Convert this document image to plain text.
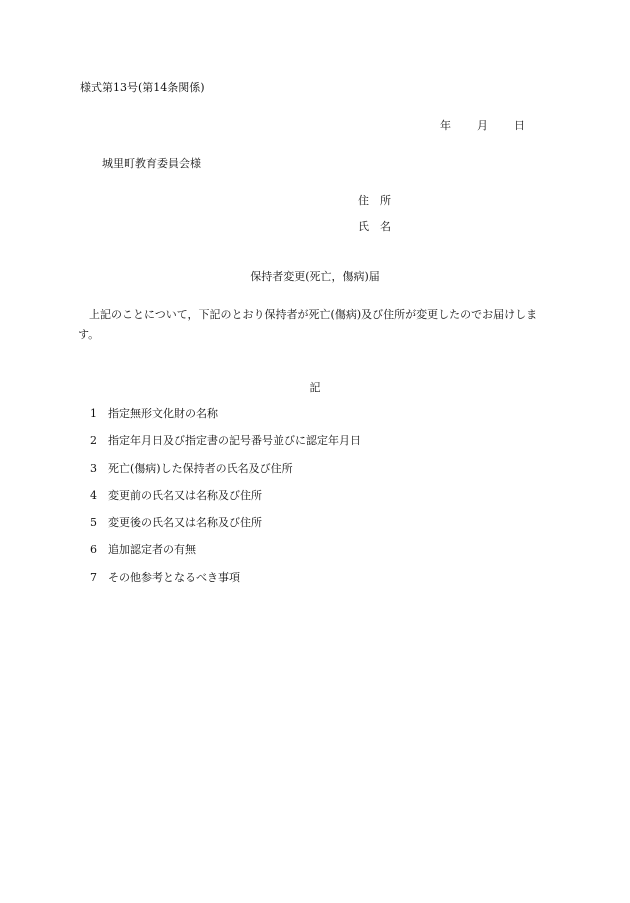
様式第13号(第14条関係)
年 月 日
城里町教育委員会様
住　所
氏　名
保持者変更(死亡，傷病)届
上記のことについて，下記のとおり保持者が死亡(傷病)及び住所が変更したのでお届けします。
記
1 指定無形文化財の名称
2 指定年月日及び指定書の記号番号並びに認定年月日
3 死亡(傷病)した保持者の氏名及び住所
4 変更前の氏名又は名称及び住所
5 変更後の氏名又は名称及び住所
6 追加認定者の有無
7 その他参考となるべき事項
